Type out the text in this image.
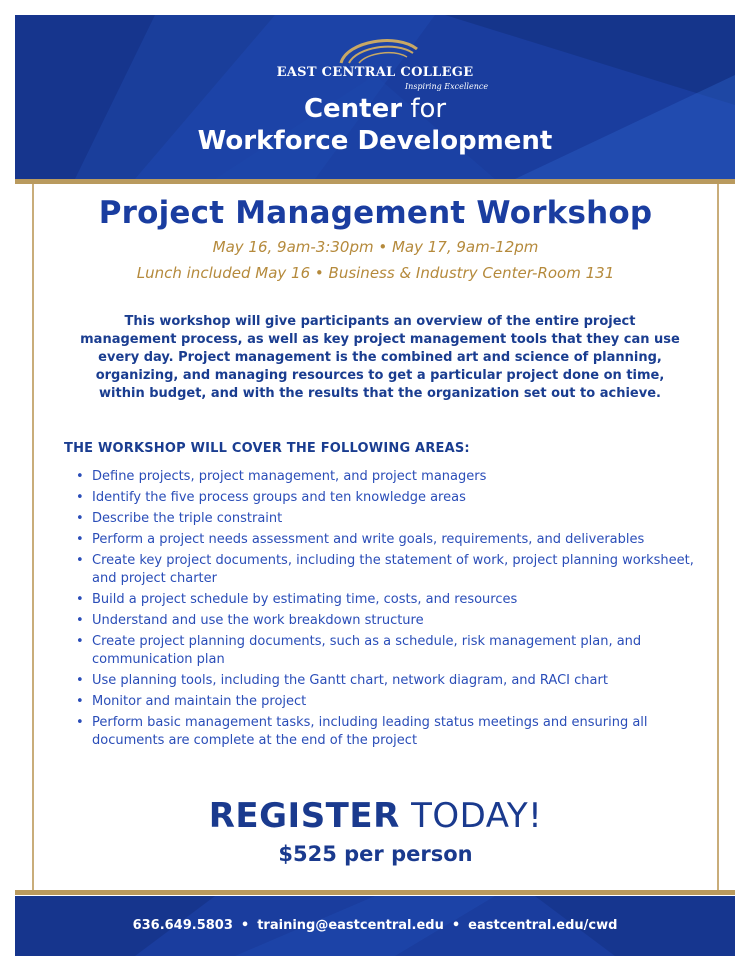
EAST CENTRAL COLLEGE
Inspiring Excellence
Center for
Workforce Development
Project Management Workshop
May 16, 9am-3:30pm • May 17, 9am-12pm
Lunch included May 16 • Business & Industry Center-Room 131
This workshop will give participants an overview of the entire project management process, as well as key project management tools that they can use every day. Project management is the combined art and science of planning, organizing, and managing resources to get a particular project done on time, within budget, and with the results that the organization set out to achieve.
THE WORKSHOP WILL COVER THE FOLLOWING AREAS:
• Define projects, project management, and project managers
• Identify the five process groups and ten knowledge areas
• Describe the triple constraint
• Perform a project needs assessment and write goals, requirements, and deliverables
• Create key project documents, including the statement of work, project planning worksheet, and project charter
• Build a project schedule by estimating time, costs, and resources
• Understand and use the work breakdown structure
• Create project planning documents, such as a schedule, risk management plan, and communication plan
• Use planning tools, including the Gantt chart, network diagram, and RACI chart
• Monitor and maintain the project
• Perform basic management tasks, including leading status meetings and ensuring all documents are complete at the end of the project
REGISTER TODAY!
$525 per person
636.649.5803 • training@eastcentral.edu • eastcentral.edu/cwd
